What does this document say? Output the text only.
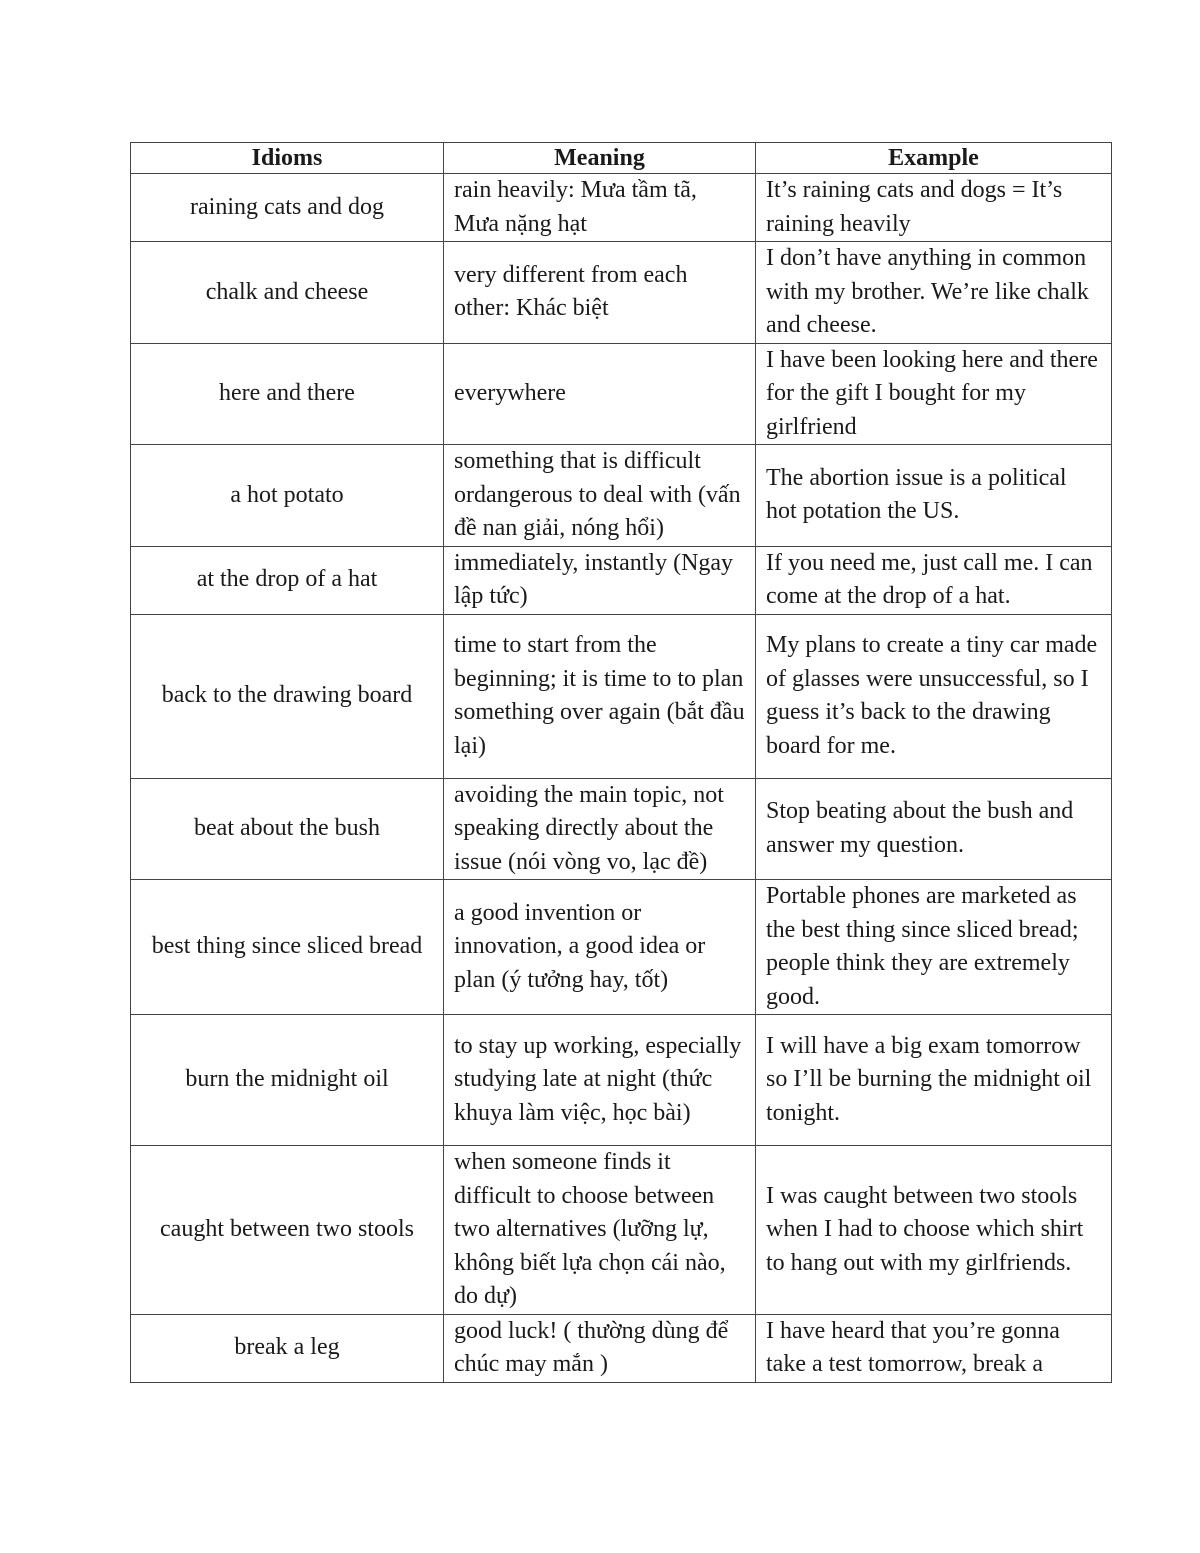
Idioms	Meaning	Example
raining cats and dog	rain heavily: Mưa tầm tã, Mưa nặng hạt	It’s raining cats and dogs = It’s raining heavily
chalk and cheese	very different from each other: Khác biệt	I don’t have anything in common with my brother. We’re like chalk and cheese.
here and there	everywhere	I have been looking here and there for the gift I bought for my girlfriend
a hot potato	something that is difficult ordangerous to deal with (vấn đề nan giải, nóng hổi)	The abortion issue is a political hot potation the US.
at the drop of a hat	immediately, instantly (Ngay lập tức)	If you need me, just call me. I can come at the drop of a hat.
back to the drawing board	time to start from the beginning; it is time to to plan something over again (bắt đầu lại)	My plans to create a tiny car made of glasses were unsuccessful, so I guess it’s back to the drawing board for me.
beat about the bush	avoiding the main topic, not speaking directly about the issue (nói vòng vo, lạc đề)	Stop beating about the bush and answer my question.
best thing since sliced bread	a good invention or innovation, a good idea or plan (ý tưởng hay, tốt)	Portable phones are marketed as the best thing since sliced bread; people think they are extremely good.
burn the midnight oil	to stay up working, especially studying late at night (thức khuya làm việc, học bài)	I will have a big exam tomorrow so I’ll be burning the midnight oil tonight.
caught between two stools	when someone finds it difficult to choose between two alternatives (lưỡng lự, không biết lựa chọn cái nào, do dự)	I was caught between two stools when I had to choose which shirt to hang out with my girlfriends.
break a leg	good luck! ( thường dùng để chúc may mắn )	I have heard that you’re gonna take a test tomorrow, break a
